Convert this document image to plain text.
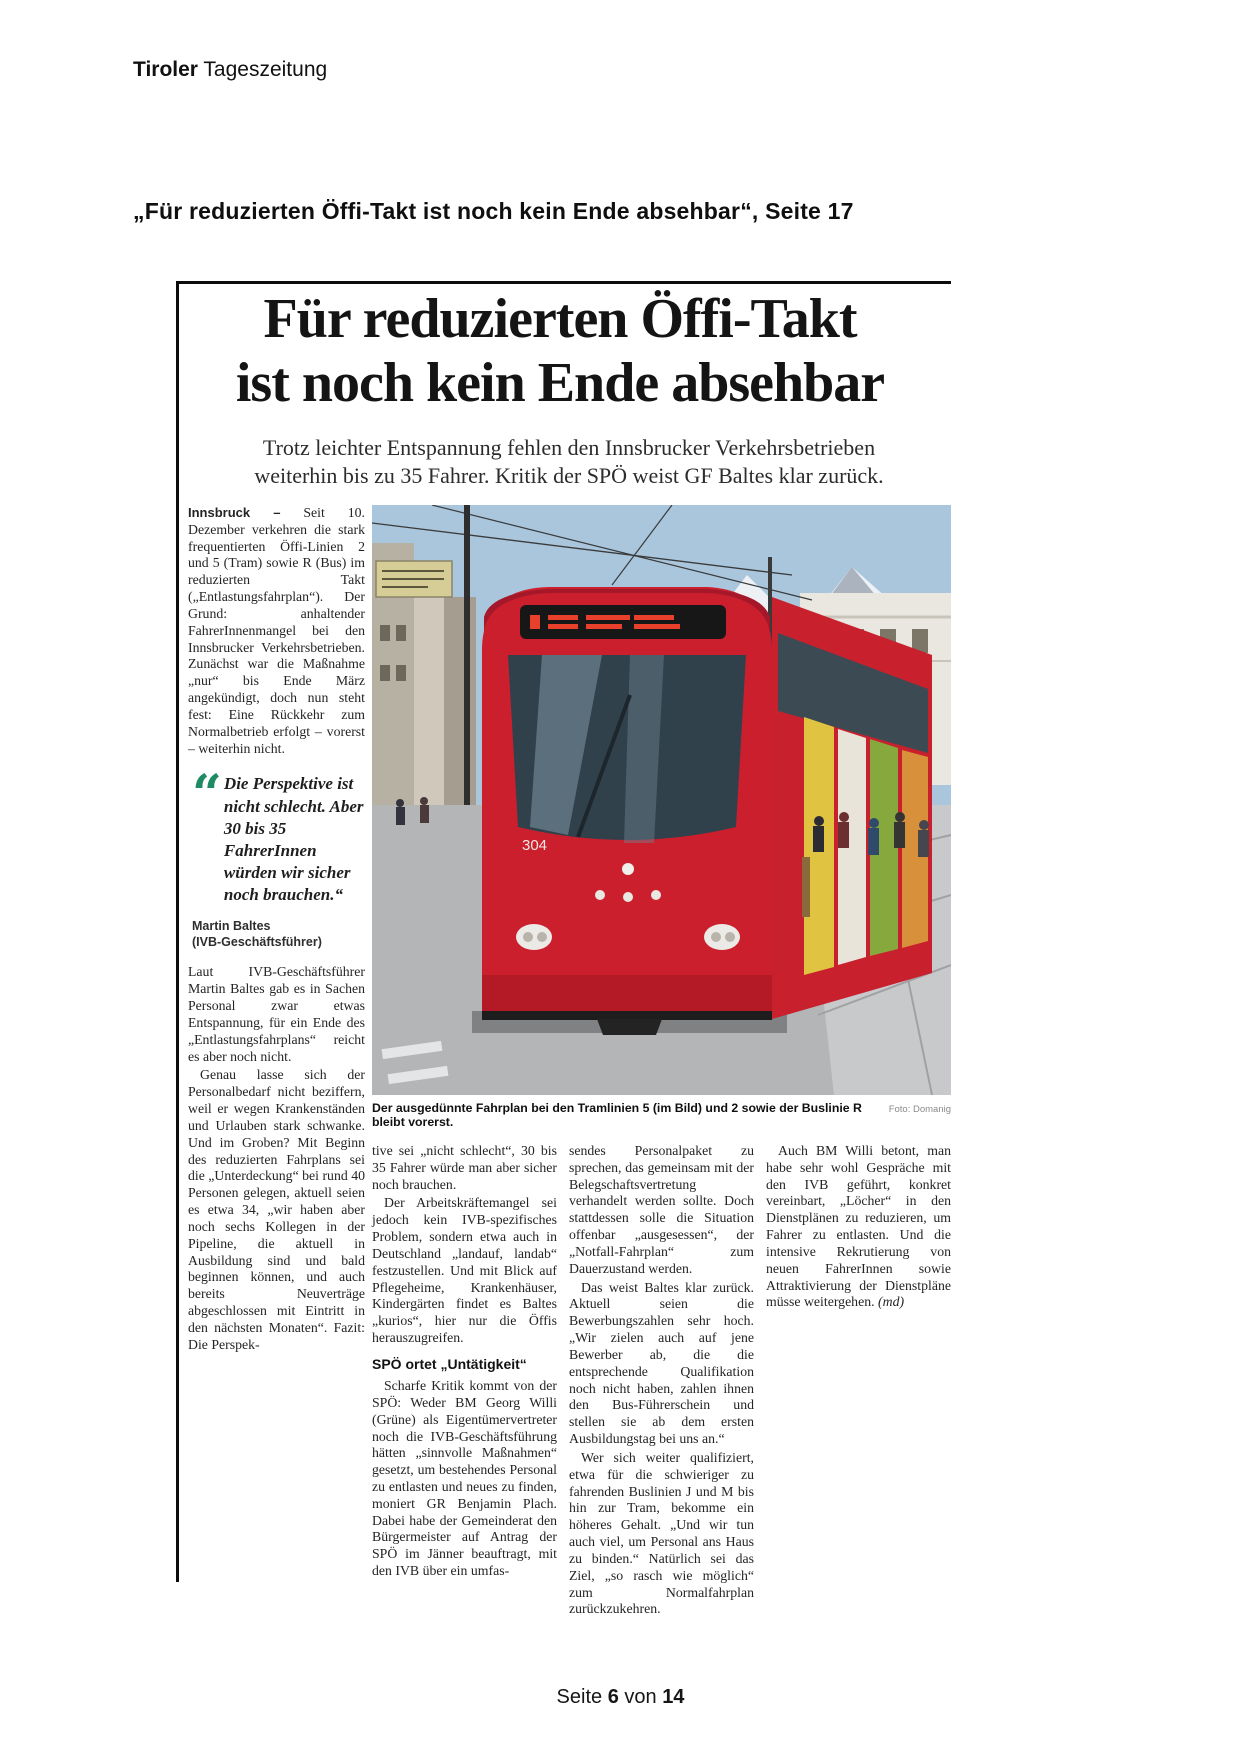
Tiroler Tageszeitung
„Für reduzierten Öffi-Takt ist noch kein Ende absehbar“, Seite 17
Für reduzierten Öffi-Takt
ist noch kein Ende absehbar
Trotz leichter Entspannung fehlen den Innsbrucker Verkehrsbetrieben weiterhin bis zu 35 Fahrer. Kritik der SPÖ weist GF Baltes klar zurück.

Innsbruck – Seit 10. Dezember verkehren die stark frequentierten Öffi-Linien 2 und 5 (Tram) sowie R (Bus) im reduzierten Takt („Entlastungsfahrplan“). Der Grund: anhaltender FahrerInnenmangel bei den Innsbrucker Verkehrsbetrieben. Zunächst war die Maßnahme „nur“ bis Ende März angekündigt, doch nun steht fest: Eine Rückkehr zum Normalbetrieb erfolgt – vorerst – weiterhin nicht.

“ Die Perspektive ist nicht schlecht. Aber 30 bis 35 FahrerInnen würden wir sicher noch brauchen.“
Martin Baltes
(IVB-Geschäftsführer)

Laut IVB-Geschäftsführer Martin Baltes gab es in Sachen Personal zwar etwas Entspannung, für ein Ende des „Entlastungsfahrplans“ reicht es aber noch nicht.

Genau lasse sich der Personalbedarf nicht beziffern, weil er wegen Krankenständen und Urlauben stark schwanke. Und im Groben? Mit Beginn des reduzierten Fahrplans sei die „Unterdeckung“ bei rund 40 Personen gelegen, aktuell seien es etwa 34, „wir haben aber noch sechs Kollegen in der Pipeline, die aktuell in Ausbildung sind und bald beginnen können, und auch bereits Neuverträge abgeschlossen mit Eintritt in den nächsten Monaten“. Fazit: Die Perspek-

304
Der ausgedünnte Fahrplan bei den Tramlinien 5 (im Bild) und 2 sowie der Buslinie R bleibt vorerst.
Foto: Domanig

tive sei „nicht schlecht“, 30 bis 35 Fahrer würde man aber sicher noch brauchen.

Der Arbeitskräftemangel sei jedoch kein IVB-spezifisches Problem, sondern etwa auch in Deutschland „landauf, landab“ festzustellen. Und mit Blick auf Pflegeheime, Krankenhäuser, Kindergärten findet es Baltes „kurios“, hier nur die Öffis herauszugreifen.

SPÖ ortet „Untätigkeit“

Scharfe Kritik kommt von der SPÖ: Weder BM Georg Willi (Grüne) als Eigentümervertreter noch die IVB-Geschäftsführung hätten „sinnvolle Maßnahmen“ gesetzt, um bestehendes Personal zu entlasten und neues zu finden, moniert GR Benjamin Plach. Dabei habe der Gemeinderat den Bürgermeister auf Antrag der SPÖ im Jänner beauftragt, mit den IVB über ein umfas-

sendes Personalpaket zu sprechen, das gemeinsam mit der Belegschaftsvertretung verhandelt werden sollte. Doch stattdessen solle die Situation offenbar „ausgesessen“, der „Notfall-Fahrplan“ zum Dauerzustand werden.

Das weist Baltes klar zurück. Aktuell seien die Bewerbungszahlen sehr hoch. „Wir zielen auch auf jene Bewerber ab, die die entsprechende Qualifikation noch nicht haben, zahlen ihnen den Bus-Führerschein und stellen sie ab dem ersten Ausbildungstag bei uns an.“

Wer sich weiter qualifiziert, etwa für die schwieriger zu fahrenden Buslinien J und M bis hin zur Tram, bekomme ein höheres Gehalt. „Und wir tun auch viel, um Personal ans Haus zu binden.“ Natürlich sei das Ziel, „so rasch wie möglich“ zum Normalfahrplan zurückzukehren.

Auch BM Willi betont, man habe sehr wohl Gespräche mit den IVB geführt, konkret vereinbart, „Löcher“ in den Dienstplänen zu reduzieren, um Fahrer zu entlasten. Und die intensive Rekrutierung von neuen FahrerInnen sowie Attraktivierung der Dienstpläne müsse weitergehen. (md)

Seite 6 von 14
